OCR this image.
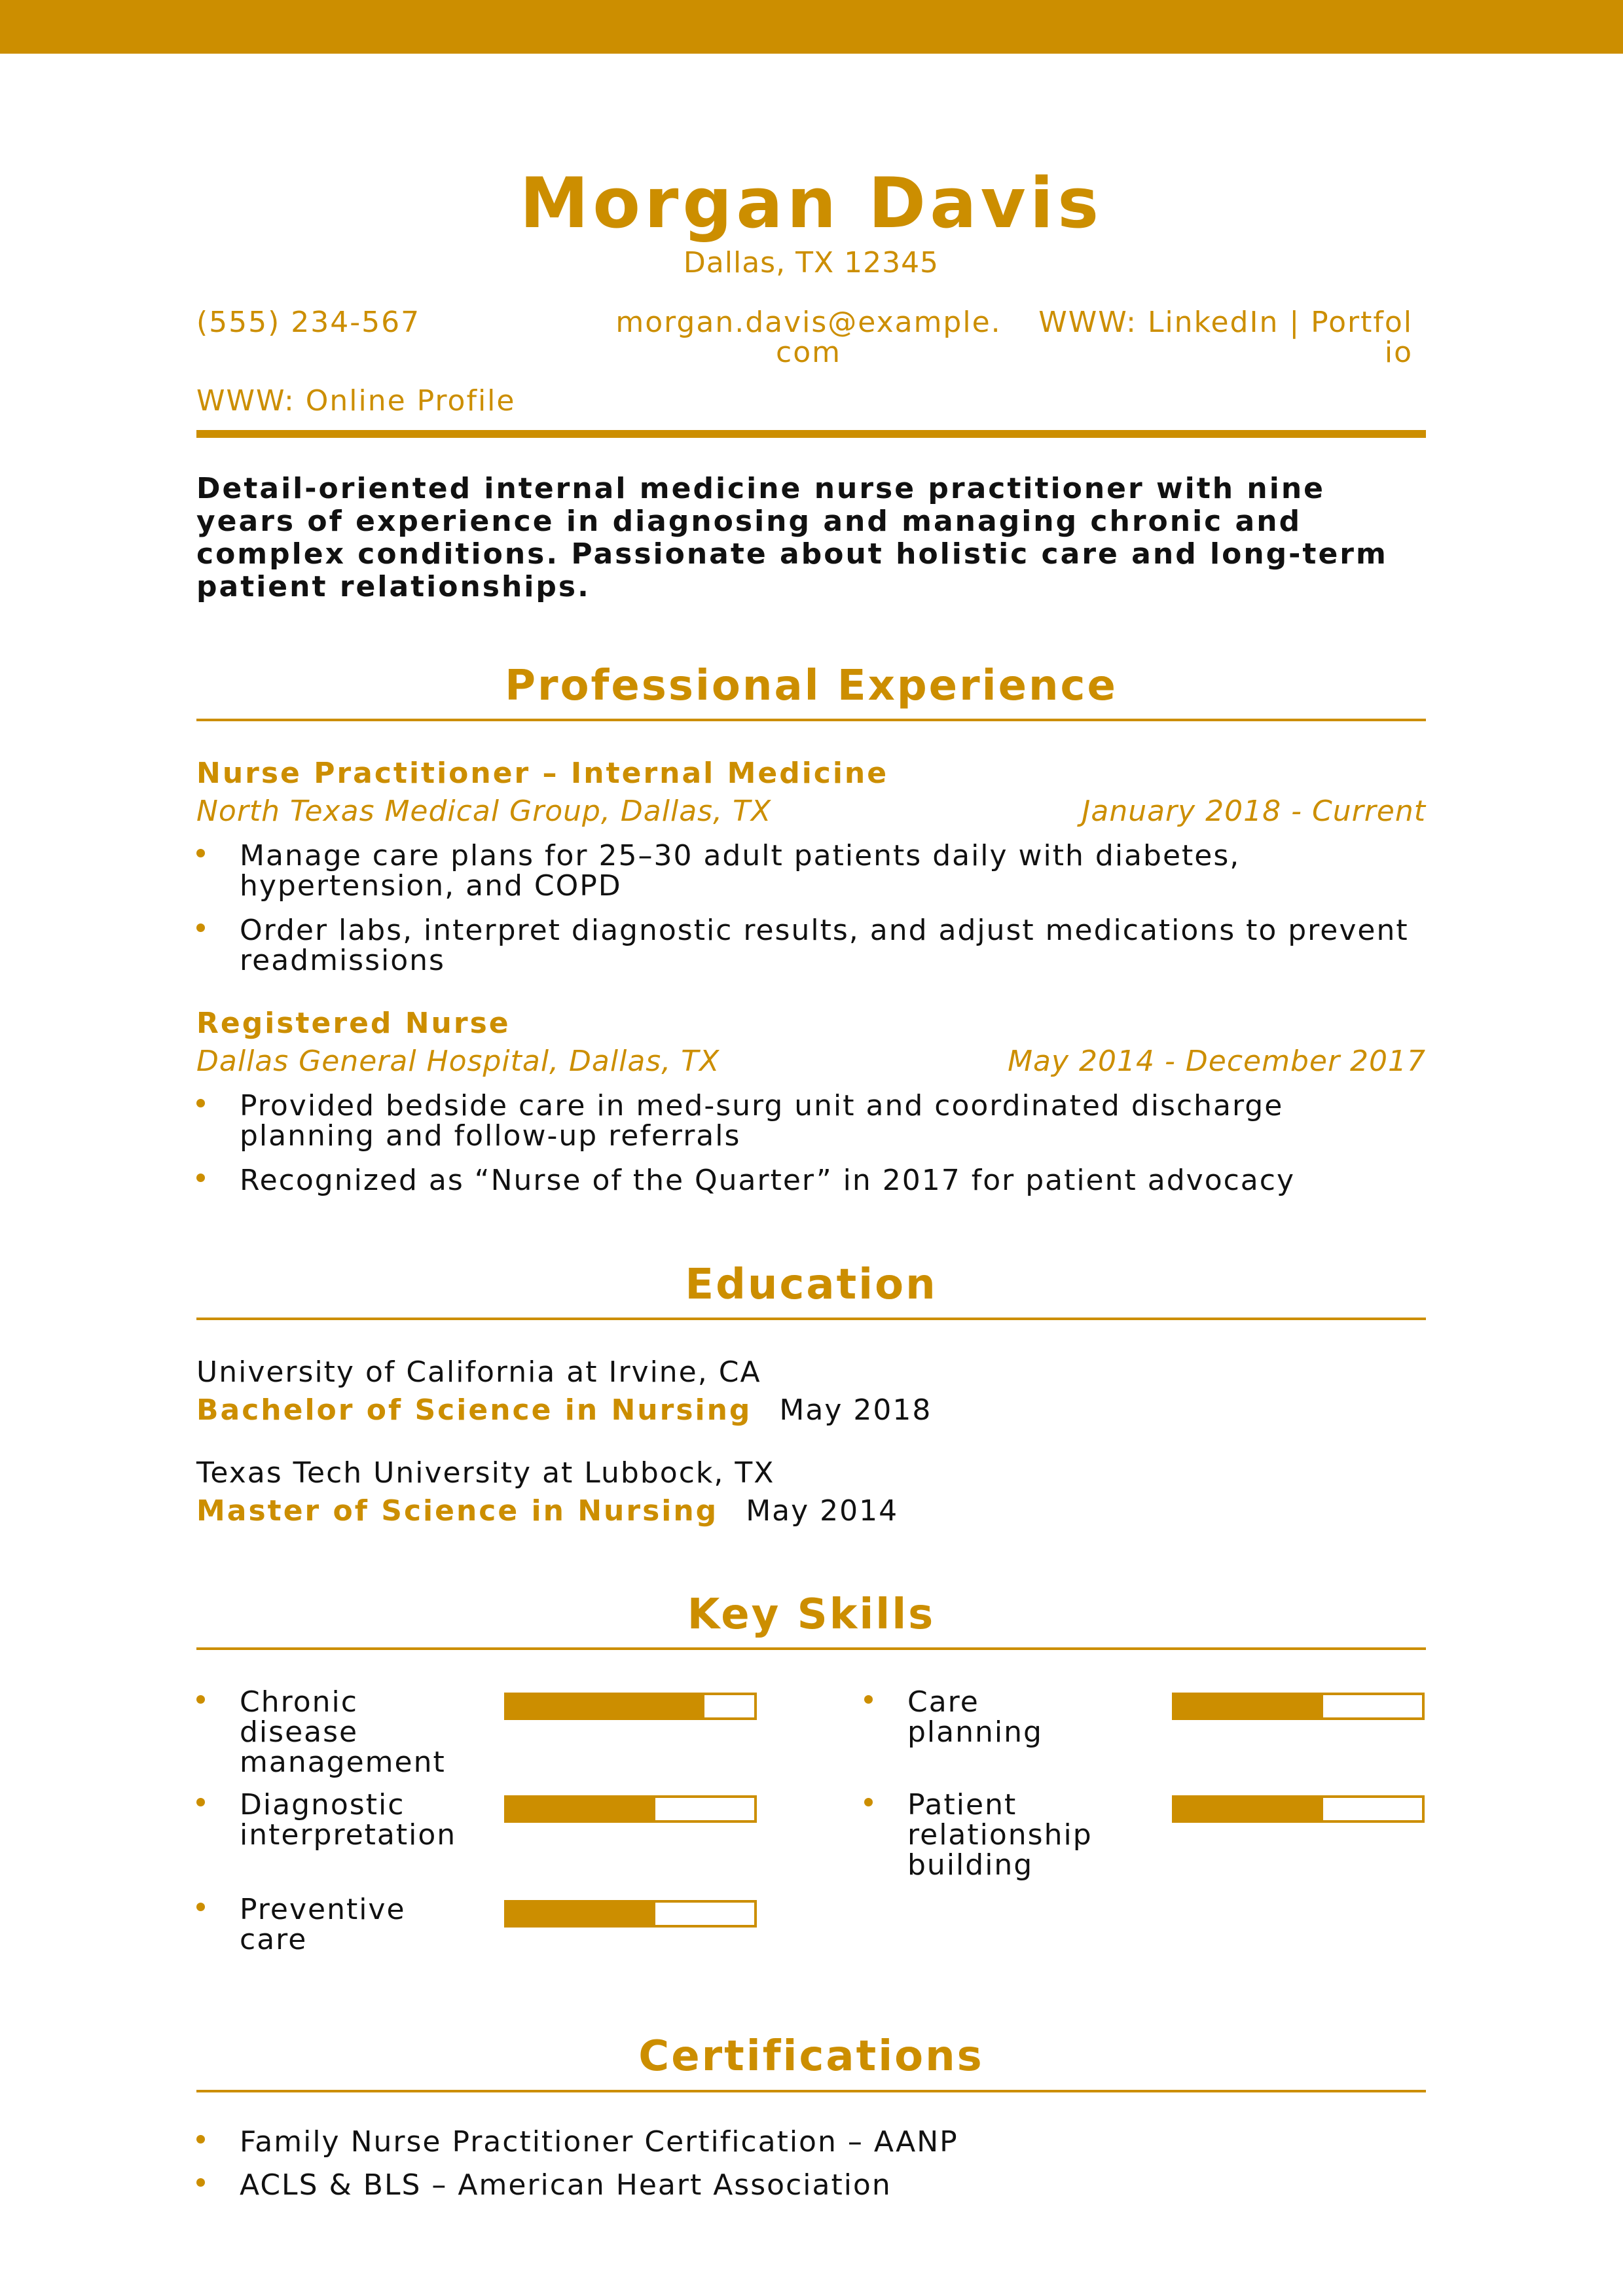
Morgan Davis
Dallas, TX 12345
(555) 234-567	morgan.davis@example.com
WWW: LinkedIn | Portfolio
WWW: Online Profile
Detail-oriented internal medicine nurse practitioner with nine years of experience in diagnosing and managing chronic and complex conditions. Passionate about holistic care and long-term patient relationships.
Professional Experience
Nurse Practitioner – Internal Medicine
North Texas Medical Group, Dallas, TX	January 2018 - Current
Manage care plans for 25–30 adult patients daily with diabetes, hypertension, and COPD
Order labs, interpret diagnostic results, and adjust medications to prevent readmissions
Registered Nurse
Dallas General Hospital, Dallas, TX	May 2014 - December 2017
Provided bedside care in med-surg unit and coordinated discharge planning and follow-up referrals
Recognized as “Nurse of the Quarter” in 2017 for patient advocacy
Education
University of California at Irvine, CA
Bachelor of Science in Nursing May 2018
Texas Tech University at Lubbock, TX
Master of Science in Nursing May 2014
Key Skills
Chronic disease management
Care planning
Diagnostic interpretation
Patient relationship building
Preventive care
Certifications
Family Nurse Practitioner Certification – AANP
ACLS & BLS – American Heart Association
